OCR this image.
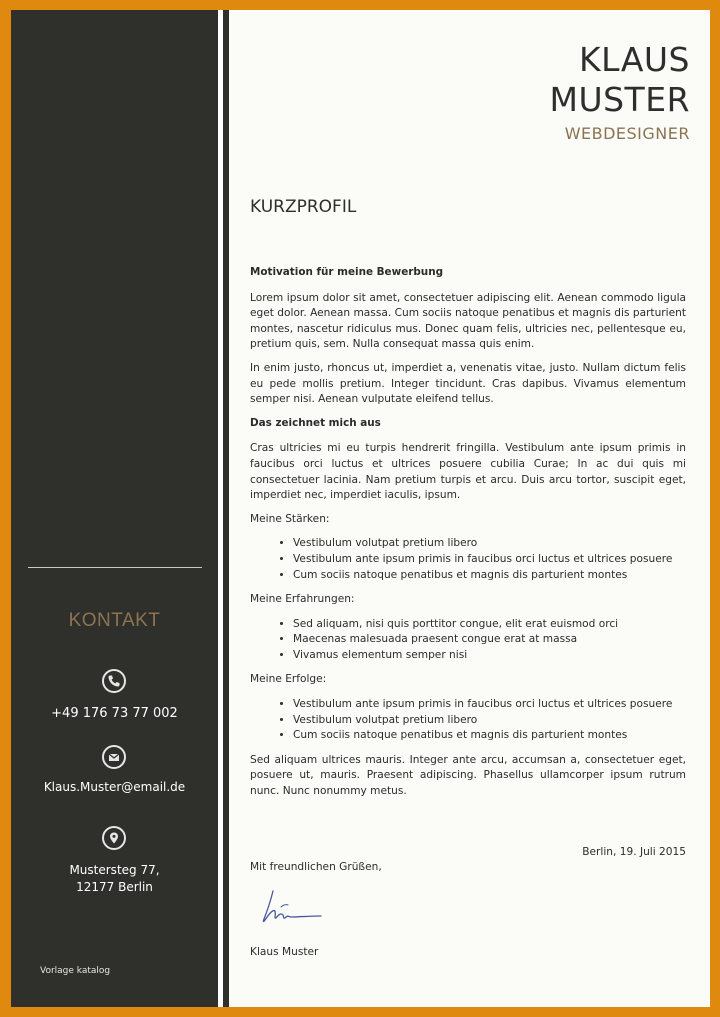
KONTAKT
+49 176 73 77 002
Klaus.Muster@email.de
Mustersteg 77,
12177 Berlin
Vorlage katalog
KLAUS
MUSTER
WEBDESIGNER
KURZPROFIL
Motivation für meine Bewerbung

Lorem ipsum dolor sit amet, consectetuer adipiscing elit. Aenean commodo ligula eget dolor. Aenean massa. Cum sociis natoque penatibus et magnis dis parturient montes, nascetur ridiculus mus. Donec quam felis, ultricies nec, pellentesque eu, pretium quis, sem. Nulla consequat massa quis enim.

In enim justo, rhoncus ut, imperdiet a, venenatis vitae, justo. Nullam dictum felis eu pede mollis pretium. Integer tincidunt. Cras dapibus. Vivamus elementum semper nisi. Aenean vulputate eleifend tellus.

Das zeichnet mich aus

Cras ultricies mi eu turpis hendrerit fringilla. Vestibulum ante ipsum primis in faucibus orci luctus et ultrices posuere cubilia Curae; In ac dui quis mi consectetuer lacinia. Nam pretium turpis et arcu. Duis arcu tortor, suscipit eget, imperdiet nec, imperdiet iaculis, ipsum.

Meine Stärken:
• Vestibulum volutpat pretium libero
• Vestibulum ante ipsum primis in faucibus orci luctus et ultrices posuere
• Cum sociis natoque penatibus et magnis dis parturient montes
Meine Erfahrungen:
• Sed aliquam, nisi quis porttitor congue, elit erat euismod orci
• Maecenas malesuada praesent congue erat at massa
• Vivamus elementum semper nisi
Meine Erfolge:
• Vestibulum ante ipsum primis in faucibus orci luctus et ultrices posuere
• Vestibulum volutpat pretium libero
• Cum sociis natoque penatibus et magnis dis parturient montes

Sed aliquam ultrices mauris. Integer ante arcu, accumsan a, consectetuer eget, posuere ut, mauris. Praesent adipiscing. Phasellus ullamcorper ipsum rutrum nunc. Nunc nonummy metus.

Berlin, 19. Juli 2015
Mit freundlichen Grüßen,
Klaus Muster
